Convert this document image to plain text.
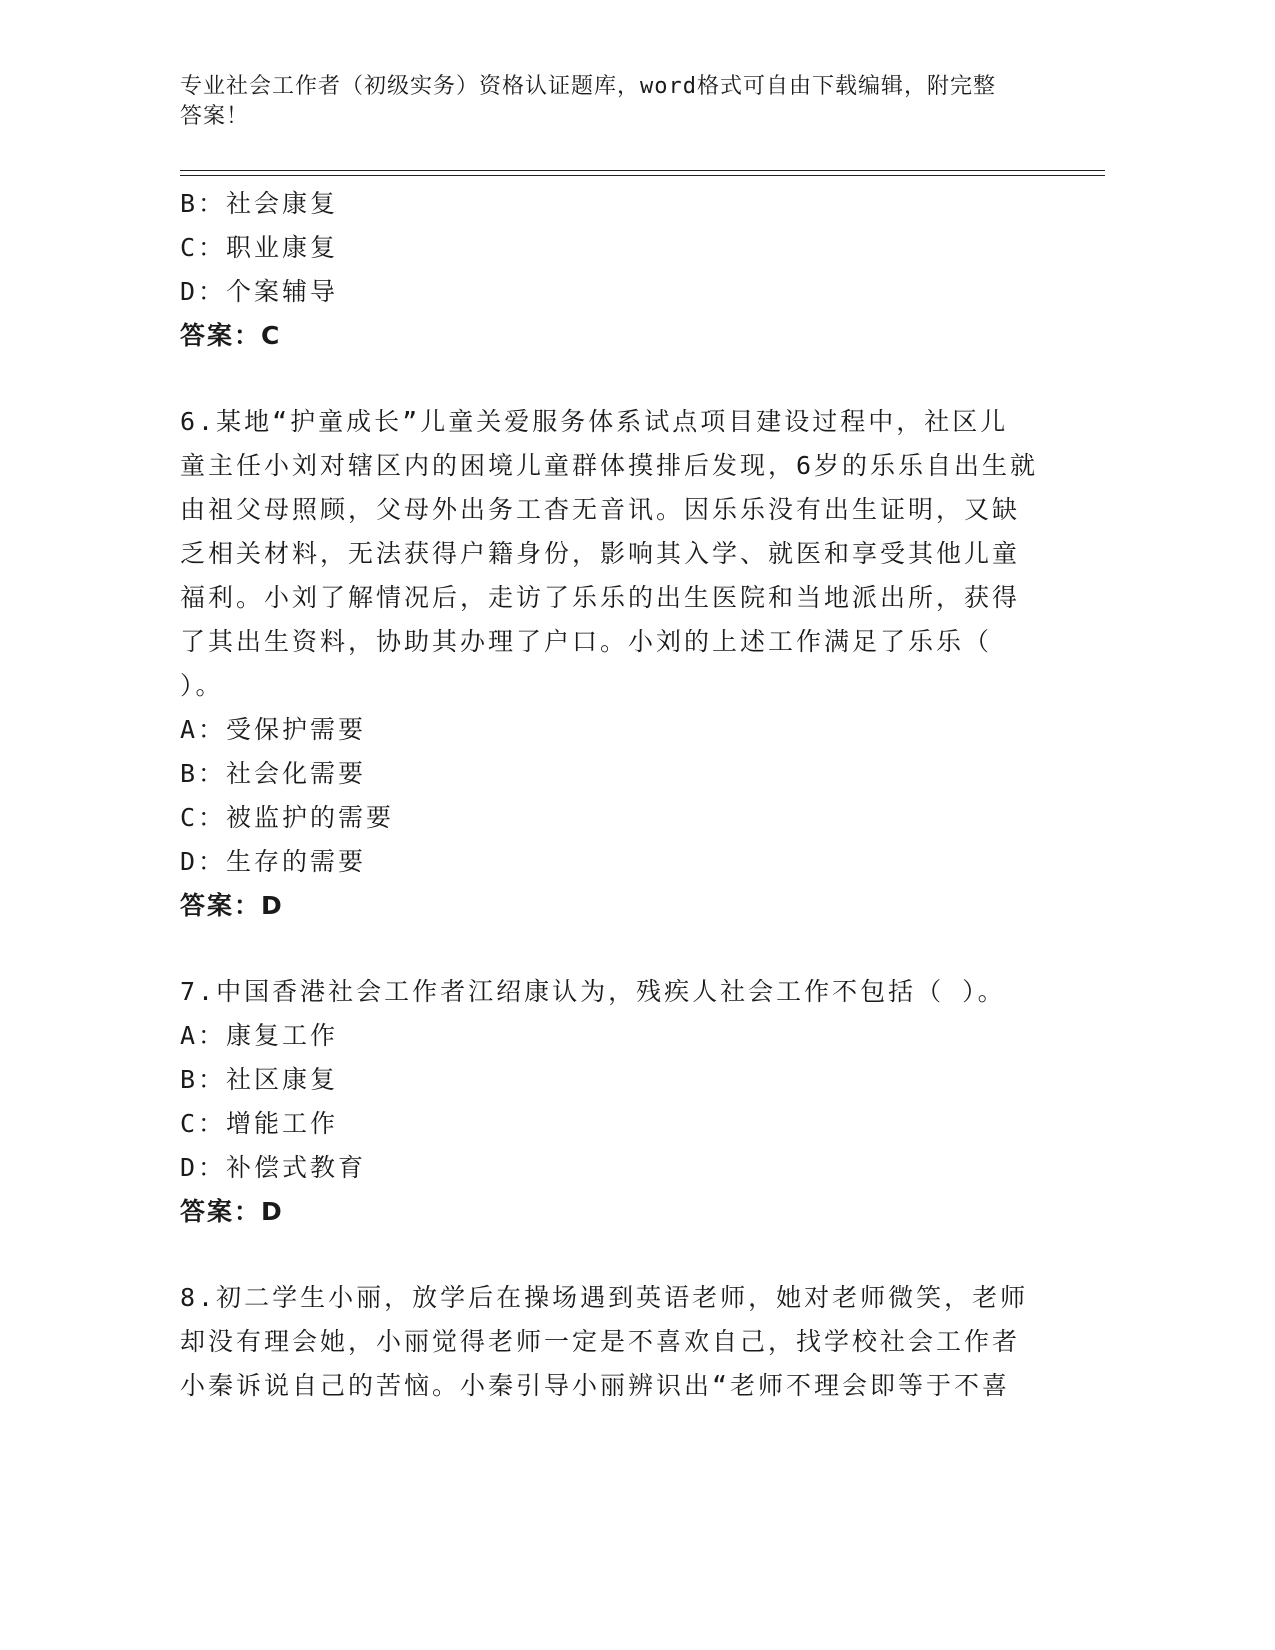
专业社会工作者（初级实务）资格认证题库，word格式可自由下载编辑，附完整
答案！
B：社会康复
C：职业康复
D：个案辅导
答案：C
6.某地“护童成长”儿童关爱服务体系试点项目建设过程中，社区儿
童主任小刘对辖区内的困境儿童群体摸排后发现，6岁的乐乐自出生就
由祖父母照顾，父母外出务工杳无音讯。因乐乐没有出生证明，又缺
乏相关材料，无法获得户籍身份，影响其入学、就医和享受其他儿童
福利。小刘了解情况后，走访了乐乐的出生医院和当地派出所，获得
了其出生资料，协助其办理了户口。小刘的上述工作满足了乐乐（
）。
A：受保护需要
B：社会化需要
C：被监护的需要
D：生存的需要
答案：D
7.中国香港社会工作者江绍康认为，残疾人社会工作不包括（ ）。
A：康复工作
B：社区康复
C：增能工作
D：补偿式教育
答案：D
8.初二学生小丽，放学后在操场遇到英语老师，她对老师微笑，老师
却没有理会她，小丽觉得老师一定是不喜欢自己，找学校社会工作者
小秦诉说自己的苦恼。小秦引导小丽辨识出“老师不理会即等于不喜
